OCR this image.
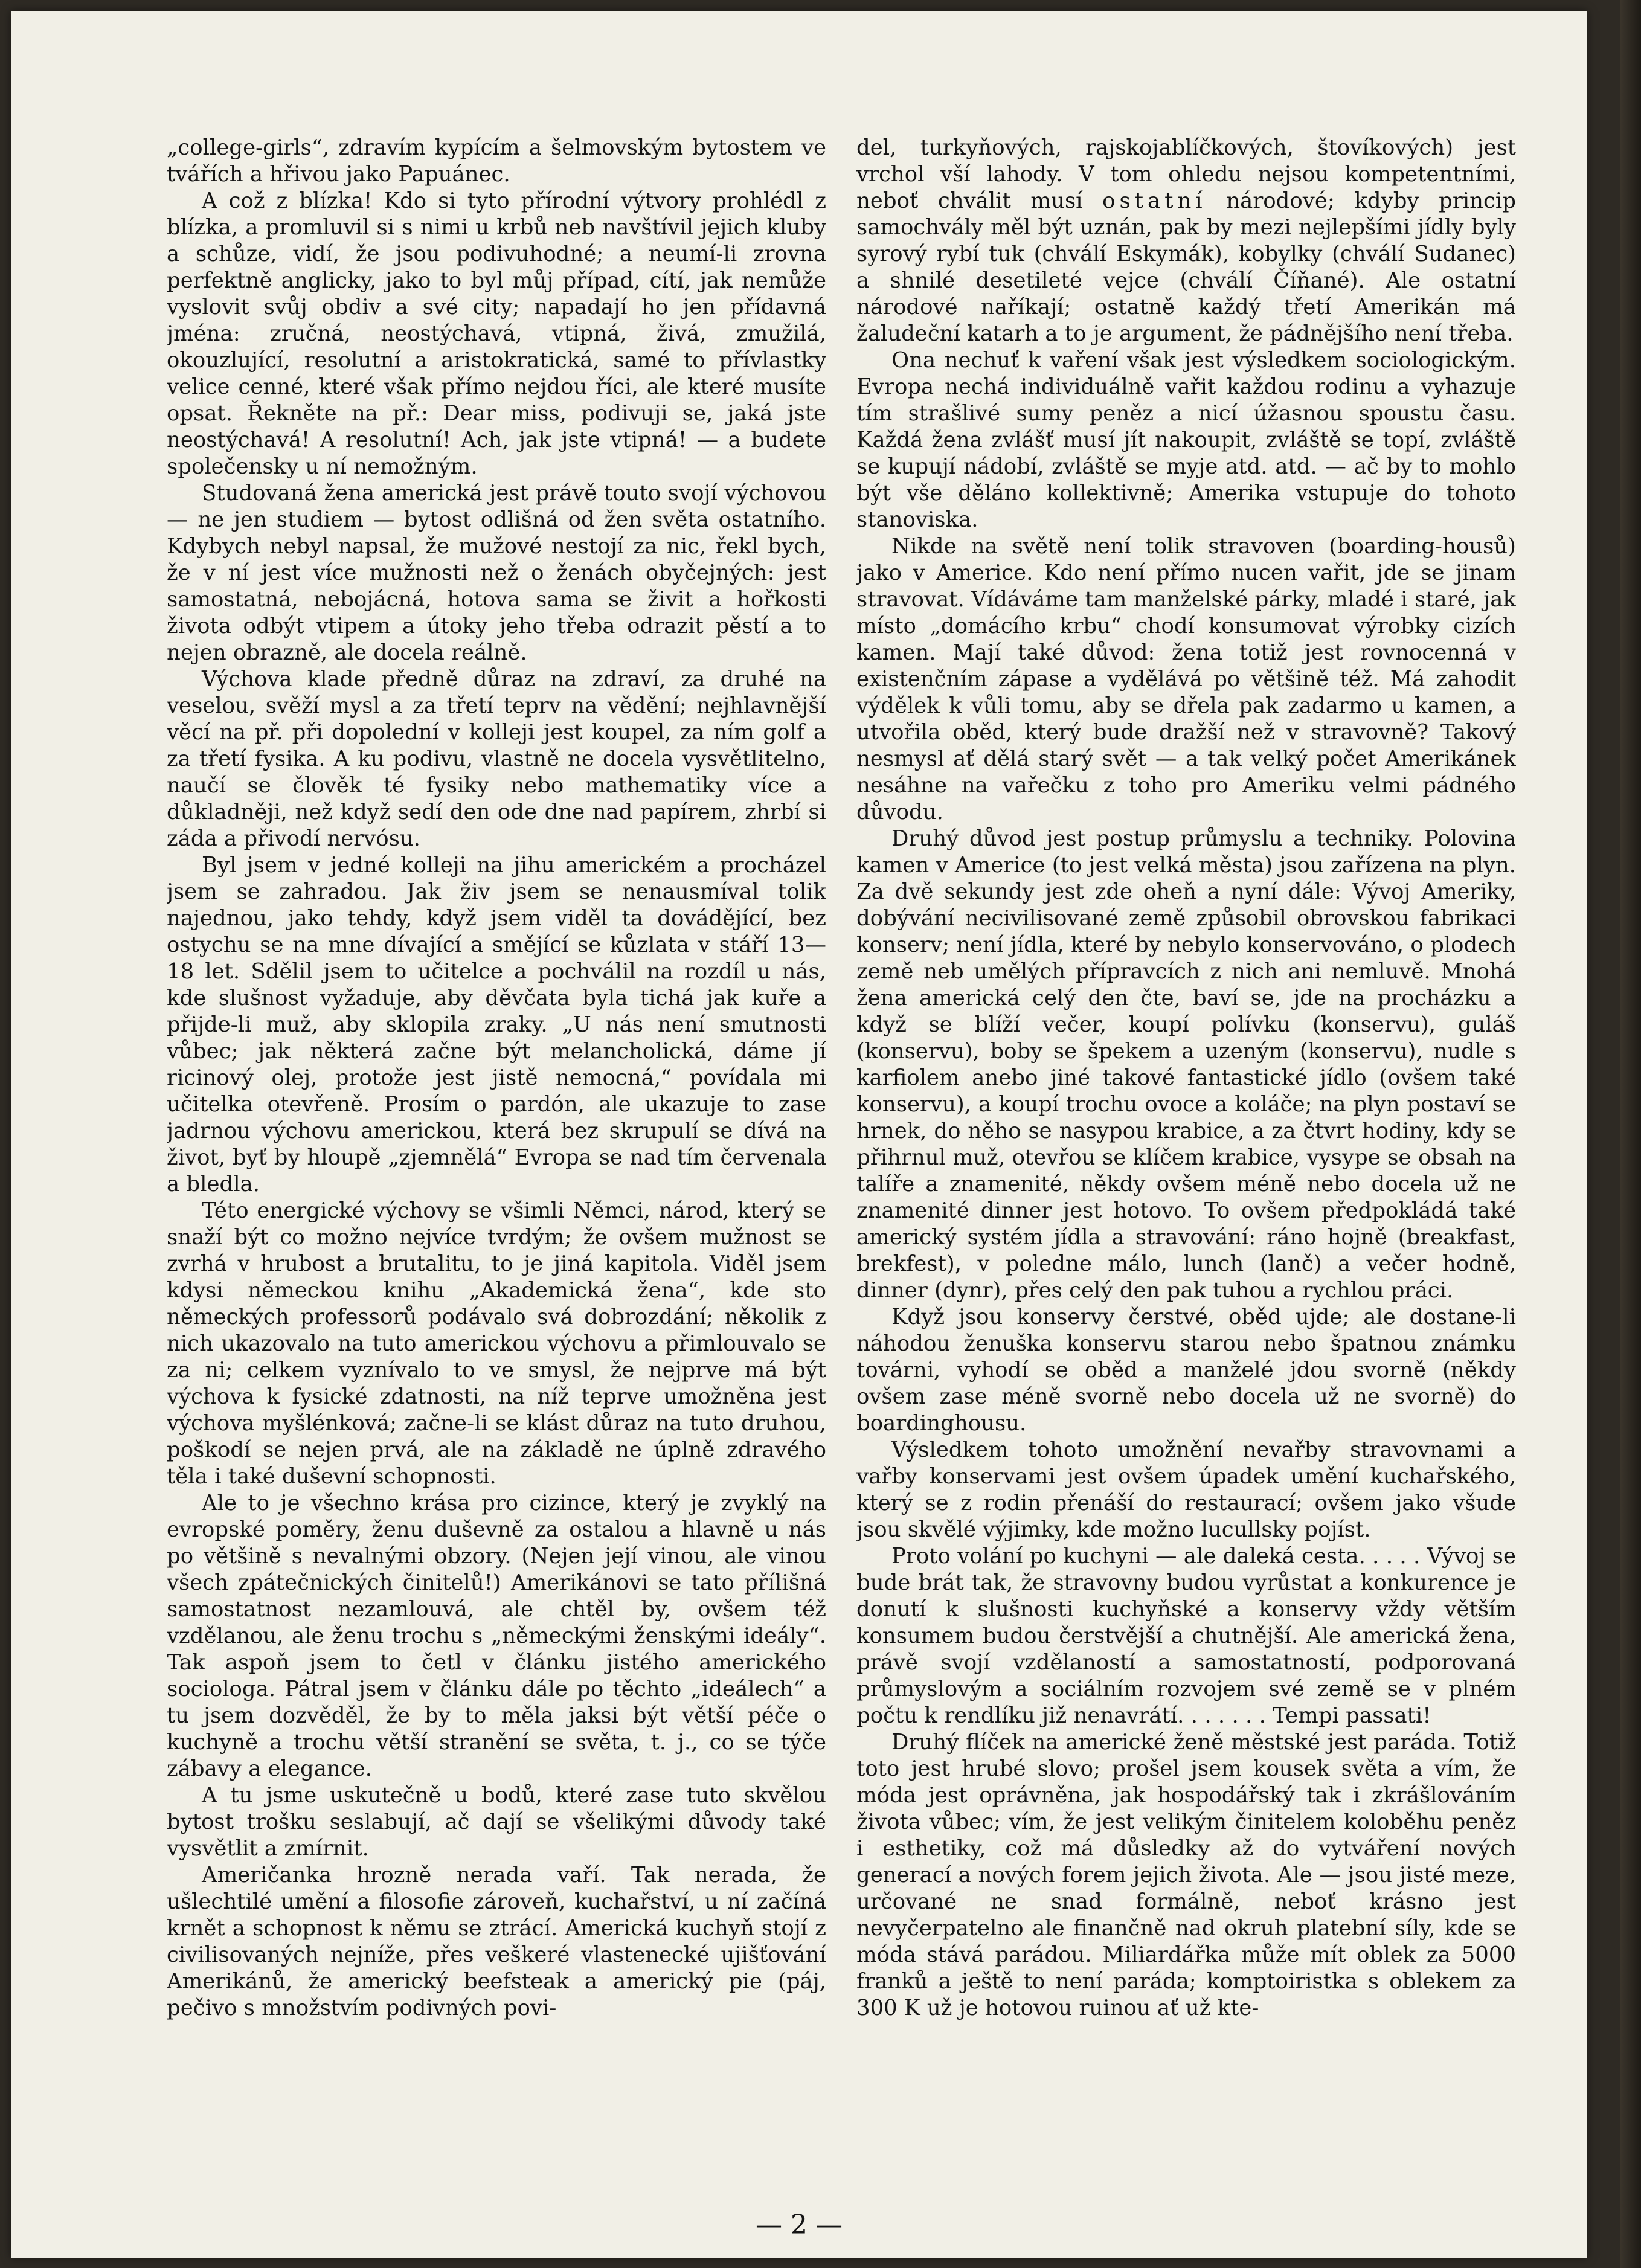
„college-girls“, zdravím kypícím a šelmovským bytostem ve tvářích a hřivou jako Papuánec.

A což z blízka! Kdo si tyto přírodní výtvory prohlédl z blízka, a promluvil si s nimi u krbů neb navštívil jejich kluby a schůze, vidí, že jsou podivuhodné; a neumí-li zrovna perfektně anglicky, jako to byl můj případ, cítí, jak nemůže vyslovit svůj obdiv a své city; napadají ho jen přídavná jména: zručná, neostýchavá, vtipná, živá, zmužilá, okouzlující, resolutní a aristokratická, samé to přívlastky velice cenné, které však přímo nejdou říci, ale které musíte opsat. Řekněte na př.: Dear miss, podivuji se, jaká jste neostýchavá! A resolutní! Ach, jak jste vtipná! — a budete společensky u ní nemožným.

Studovaná žena americká jest právě touto svojí výchovou — ne jen studiem — bytost odlišná od žen světa ostatního. Kdybych nebyl napsal, že mužové nestojí za nic, řekl bych, že v ní jest více mužnosti než o ženách obyčejných: jest samostatná, nebojácná, hotova sama se živit a hořkosti života odbýt vtipem a útoky jeho třeba odrazit pěstí a to nejen obrazně, ale docela reálně.

Výchova klade předně důraz na zdraví, za druhé na veselou, svěží mysl a za třetí teprv na vědění; nejhlavnější věcí na př. při dopolední v kolleji jest koupel, za ním golf a za třetí fysika. A ku podivu, vlastně ne docela vysvětlitelno, naučí se člověk té fysiky nebo mathematiky více a důkladněji, než když sedí den ode dne nad papírem, zhrbí si záda a přivodí nervósu.

Byl jsem v jedné kolleji na jihu americkém a procházel jsem se zahradou. Jak živ jsem se nenausmíval tolik najednou, jako tehdy, když jsem viděl ta dovádějící, bez ostychu se na mne dívající a smějící se kůzlata v stáří 13—18 let. Sdělil jsem to učitelce a pochválil na rozdíl u nás, kde slušnost vyžaduje, aby děvčata byla tichá jak kuře a přijde-li muž, aby sklopila zraky. „U nás není smutnosti vůbec; jak některá začne být melancholická, dáme jí ricinový olej, protože jest jistě nemocná,“ povídala mi učitelka otevřeně. Prosím o pardón, ale ukazuje to zase jadrnou výchovu americkou, která bez skrupulí se dívá na život, byť by hloupě „zjemnělá“ Evropa se nad tím červenala a bledla.

Této energické výchovy se všimli Němci, národ, který se snaží být co možno nejvíce tvrdým; že ovšem mužnost se zvrhá v hrubost a brutalitu, to je jiná kapitola. Viděl jsem kdysi německou knihu „Akademická žena“, kde sto německých professorů podávalo svá dobrozdání; několik z nich ukazovalo na tuto americkou výchovu a přimlouvalo se za ni; celkem vyznívalo to ve smysl, že nejprve má být výchova k fysické zdatnosti, na níž teprve umožněna jest výchova myšlénková; začne-li se klást důraz na tuto druhou, poškodí se nejen prvá, ale na základě ne úplně zdravého těla i také duševní schopnosti.

Ale to je všechno krása pro cizince, který je zvyklý na evropské poměry, ženu duševně za ostalou a hlavně u nás po většině s nevalnými obzory. (Nejen její vinou, ale vinou všech zpátečnických činitelů!) Amerikánovi se tato přílišná samostatnost nezamlouvá, ale chtěl by, ovšem též vzdělanou, ale ženu trochu s „německými ženskými ideály“. Tak aspoň jsem to četl v článku jistého amerického sociologa. Pátral jsem v článku dále po těchto „ideálech“ a tu jsem dozvěděl, že by to měla jaksi být větší péče o kuchyně a trochu větší stranění se světa, t. j., co se týče zábavy a elegance.

A tu jsme uskutečně u bodů, které zase tuto skvělou bytost trošku seslabují, ač dají se všelikými důvody také vysvětlit a zmírnit.

Američanka hrozně nerada vaří. Tak nerada, že ušlechtilé umění a filosofie zároveň, kuchařství, u ní začíná krnět a schopnost k němu se ztrácí. Americká kuchyň stojí z civilisovaných nejníže, přes veškeré vlastenecké ujišťování Amerikánů, že americký beefsteak a americký pie (páj, pečivo s množstvím podivných povi-

del, turkyňových, rajskojablíčkových, štovíkových) jest vrchol vší lahody. V tom ohledu nejsou kompetentními, neboť chválit musí ostatní národové; kdyby princip samochvály měl být uznán, pak by mezi nejlepšími jídly byly syrový rybí tuk (chválí Eskymák), kobylky (chválí Sudanec) a shnilé desetileté vejce (chválí Číňané). Ale ostatní národové naříkají; ostatně každý třetí Amerikán má žaludeční katarh a to je argument, že pádnějšího není třeba.

Ona nechuť k vaření však jest výsledkem sociologickým. Evropa nechá individuálně vařit každou rodinu a vyhazuje tím strašlivé sumy peněz a nicí úžasnou spoustu času. Každá žena zvlášť musí jít nakoupit, zvláště se topí, zvláště se kupují nádobí, zvláště se myje atd. atd. — ač by to mohlo být vše děláno kollektivně; Amerika vstupuje do tohoto stanoviska.

Nikde na světě není tolik stravoven (boarding-housů) jako v Americe. Kdo není přímo nucen vařit, jde se jinam stravovat. Vídáváme tam manželské párky, mladé i staré, jak místo „domácího krbu“ chodí konsumovat výrobky cizích kamen. Mají také důvod: žena totiž jest rovnocenná v existenčním zápase a vydělává po většině též. Má zahodit výdělek k vůli tomu, aby se dřela pak zadarmo u kamen, a utvořila oběd, který bude dražší než v stravovně? Takový nesmysl ať dělá starý svět — a tak velký počet Amerikánek nesáhne na vařečku z toho pro Ameriku velmi pádného důvodu.

Druhý důvod jest postup průmyslu a techniky. Polovina kamen v Americe (to jest velká města) jsou zařízena na plyn. Za dvě sekundy jest zde oheň a nyní dále: Vývoj Ameriky, dobývání necivilisované země způsobil obrovskou fabrikaci konserv; není jídla, které by nebylo konservováno, o plodech země neb umělých přípravcích z nich ani nemluvě. Mnohá žena americká celý den čte, baví se, jde na procházku a když se blíží večer, koupí polívku (konservu), guláš (konservu), boby se špekem a uzeným (konservu), nudle s karfiolem anebo jiné takové fantastické jídlo (ovšem také konservu), a koupí trochu ovoce a koláče; na plyn postaví se hrnek, do něho se nasypou krabice, a za čtvrt hodiny, kdy se přihrnul muž, otevřou se klíčem krabice, vysype se obsah na talíře a znamenité, někdy ovšem méně nebo docela už ne znamenité dinner jest hotovo. To ovšem předpokládá také americký systém jídla a stravování: ráno hojně (breakfast, brekfest), v poledne málo, lunch (lanč) a večer hodně, dinner (dynr), přes celý den pak tuhou a rychlou práci.

Když jsou konservy čerstvé, oběd ujde; ale dostane-li náhodou ženuška konservu starou nebo špatnou známku továrni, vyhodí se oběd a manželé jdou svorně (někdy ovšem zase méně svorně nebo docela už ne svorně) do boardinghousu.

Výsledkem tohoto umožnění nevařby stravovnami a vařby konservami jest ovšem úpadek umění kuchařského, který se z rodin přenáší do restaurací; ovšem jako všude jsou skvělé výjimky, kde možno lucullsky pojíst.

Proto volání po kuchyni — ale daleká cesta. . . . . Vývoj se bude brát tak, že stravovny budou vyrůstat a konkurence je donutí k slušnosti kuchyňské a konservy vždy větším konsumem budou čerstvější a chutnější. Ale americká žena, právě svojí vzdělaností a samostatností, podporovaná průmyslovým a sociálním rozvojem své země se v plném počtu k rendlíku již nenavrátí. . . . . . . Tempi passati!

Druhý flíček na americké ženě městské jest paráda. Totiž toto jest hrubé slovo; prošel jsem kousek světa a vím, že móda jest oprávněna, jak hospodářský tak i zkrášlováním života vůbec; vím, že jest velikým činitelem koloběhu peněz i esthetiky, což má důsledky až do vytváření nových generací a nových forem jejich života. Ale — jsou jisté meze, určované ne snad formálně, neboť krásno jest nevyčerpatelno ale finančně nad okruh platební síly, kde se móda stává parádou. Miliardářka může mít oblek za 5000 franků a ještě to není paráda; komptoiristka s oblekem za 300 K už je hotovou ruinou ať už kte-

— 2 —
